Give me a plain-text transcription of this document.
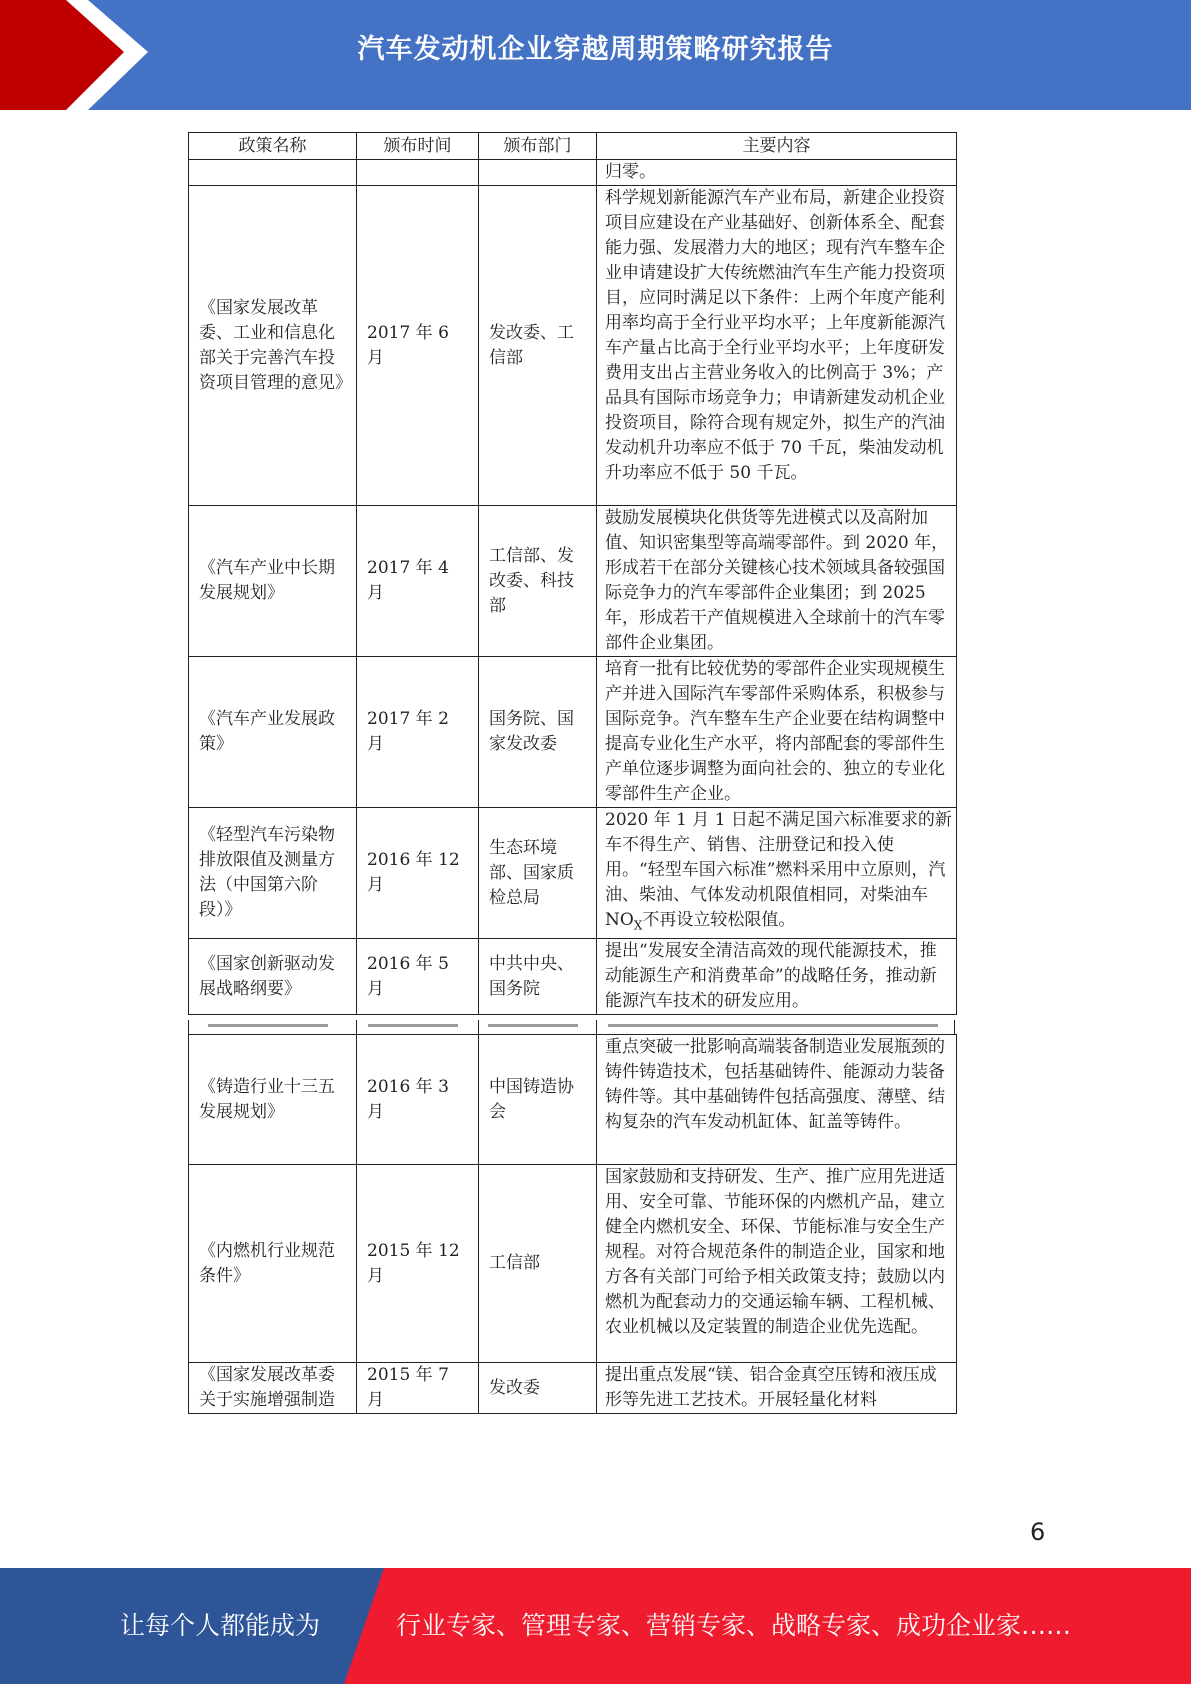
汽车发动机企业穿越周期策略研究报告
政策名称	颁布时间	颁布部门	主要内容
			归零。
《国家发展改革委、工业和信息化部关于完善汽车投资项目管理的意见》	2017 年 6 月	发改委、工信部	科学规划新能源汽车产业布局，新建企业投资项目应建设在产业基础好、创新体系全、配套能力强、发展潜力大的地区；现有汽车整车企业申请建设扩大传统燃油汽车生产能力投资项目，应同时满足以下条件：上两个年度产能利用率均高于全行业平均水平；上年度新能源汽车产量占比高于全行业平均水平；上年度研发费用支出占主营业务收入的比例高于 3%；产品具有国际市场竞争力；申请新建发动机企业投资项目，除符合现有规定外，拟生产的汽油发动机升功率应不低于 70 千瓦，柴油发动机升功率应不低于 50 千瓦。
《汽车产业中长期发展规划》	2017 年 4 月	工信部、发改委、科技部	鼓励发展模块化供货等先进模式以及高附加值、知识密集型等高端零部件。到 2020 年，形成若干在部分关键核心技术领域具备较强国际竞争力的汽车零部件企业集团；到 2025 年，形成若干产值规模进入全球前十的汽车零部件企业集团。
《汽车产业发展政策》	2017 年 2 月	国务院、国家发改委	培育一批有比较优势的零部件企业实现规模生产并进入国际汽车零部件采购体系，积极参与国际竞争。汽车整车生产企业要在结构调整中提高专业化生产水平，将内部配套的零部件生产单位逐步调整为面向社会的、独立的专业化零部件生产企业。
《轻型汽车污染物排放限值及测量方法（中国第六阶段）》	2016 年 12 月	生态环境部、国家质检总局	2020 年 1 月 1 日起不满足国六标准要求的新车不得生产、销售、注册登记和投入使用。“轻型车国六标准”燃料采用中立原则，汽油、柴油、气体发动机限值相同，对柴油车 $NO_X$不再设立较松限值。
《国家创新驱动发展战略纲要》	2016 年 5 月	中共中央、国务院	提出“发展安全清洁高效的现代能源技术，推动能源生产和消费革命”的战略任务，推动新能源汽车技术的研发应用。
《铸造行业十三五发展规划》	2016 年 3 月	中国铸造协会	重点突破一批影响高端装备制造业发展瓶颈的铸件铸造技术，包括基础铸件、能源动力装备铸件等。其中基础铸件包括高强度、薄壁、结构复杂的汽车发动机缸体、缸盖等铸件。
《内燃机行业规范条件》	2015 年 12 月	工信部	国家鼓励和支持研发、生产、推广应用先进适用、安全可靠、节能环保的内燃机产品，建立健全内燃机安全、环保、节能标准与安全生产规程。对符合规范条件的制造企业，国家和地方各有关部门可给予相关政策支持；鼓励以内燃机为配套动力的交通运输车辆、工程机械、农业机械以及定装置的制造企业优先选配。
《国家发展改革委关于实施增强制造	2015 年 7 月	发改委	提出重点发展“镁、铝合金真空压铸和液压成形等先进工艺技术。开展轻量化材料
6
让每个人都能成为	行业专家、管理专家、营销专家、战略专家、成功企业家……
